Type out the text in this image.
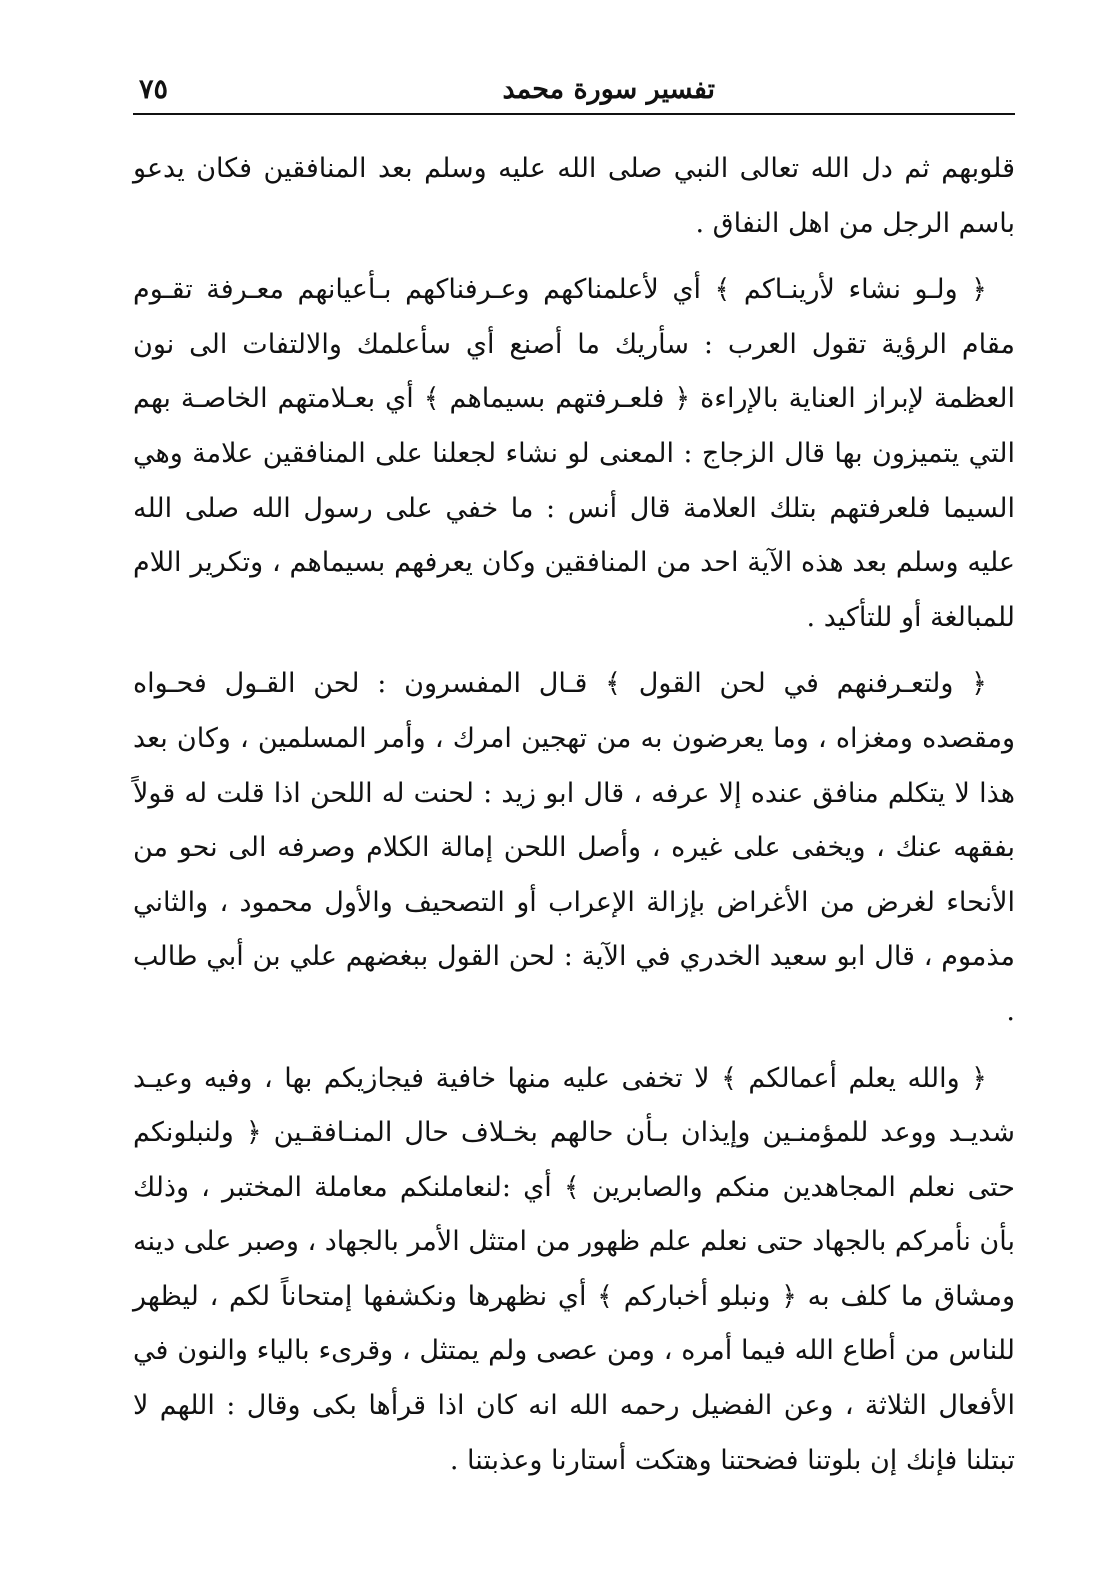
تفسير سورة محمد
٧٥

قلوبهم ثم دل الله تعالى النبي صلى الله عليه وسلم بعد المنافقين فكان يدعو باسم الرجل من اهل النفاق .

﴿ ولـو نشاء لأرينـاكم ﴾ أي لأعلمناكهم وعـرفناكهم بـأعيانهم معـرفة تقـوم مقام الرؤية تقول العرب : سأريك ما أصنع أي سأعلمك والالتفات الى نون العظمة لإبراز العناية بالإراءة ﴿ فلعـرفتهم بسيماهم ﴾ أي بعـلامتهم الخاصـة بهم التي يتميزون بها قال الزجاج : المعنى لو نشاء لجعلنا على المنافقين علامة وهي السيما فلعرفتهم بتلك العلامة قال أنس : ما خفي على رسول الله صلى الله عليه وسلم بعد هذه الآية احد من المنافقين وكان يعرفهم بسيماهم ، وتكرير اللام للمبالغة أو للتأكيد .

﴿ ولتعـرفنهم في لحن القول ﴾ قـال المفسرون : لحن القـول فحـواه ومقصده ومغزاه ، وما يعرضون به من تهجين امرك ، وأمر المسلمين ، وكان بعد هذا لا يتكلم منافق عنده إلا عرفه ، قال ابو زيد : لحنت له اللحن اذا قلت له قولاً بفقهه عنك ، ويخفى على غيره ، وأصل اللحن إمالة الكلام وصرفه الى نحو من الأنحاء لغرض من الأغراض بإزالة الإعراب أو التصحيف والأول محمود ، والثاني مذموم ، قال ابو سعيد الخدري في الآية : لحن القول ببغضهم علي بن أبي طالب .

﴿ والله يعلم أعمالكم ﴾ لا تخفى عليه منها خافية فيجازيكم بها ، وفيه وعيـد شديـد ووعد للمؤمنـين وإيذان بـأن حالهم بخـلاف حال المنـافقـين ﴿ ولنبلونكم حتى نعلم المجاهدين منكم والصابرين ﴾ أي :لنعاملنكم معاملة المختبر ، وذلك بأن نأمركم بالجهاد حتى نعلم علم ظهور من امتثل الأمر بالجهاد ، وصبر على دينه ومشاق ما كلف به ﴿ ونبلو أخباركم ﴾ أي نظهرها ونكشفها إمتحاناً لكم ، ليظهر للناس من أطاع الله فيما أمره ، ومن عصى ولم يمتثل ، وقرىء بالياء والنون في الأفعال الثلاثة ، وعن الفضيل رحمه الله انه كان اذا قرأها بكى وقال : اللهم لا تبتلنا فإنك إن بلوتنا فضحتنا وهتكت أستارنا وعذبتنا .
